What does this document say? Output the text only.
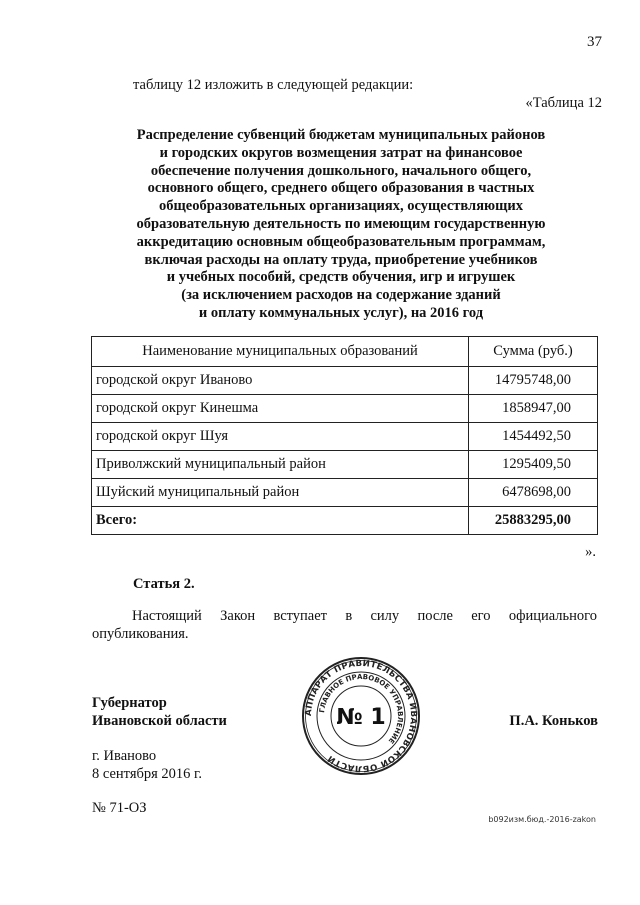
37
таблицу 12 изложить в следующей редакции:
«Таблица 12
Распределение субвенций бюджетам муниципальных районов
и городских округов возмещения затрат на финансовое
обеспечение получения дошкольного, начального общего,
основного общего, среднего общего образования в частных
общеобразовательных организациях, осуществляющих
образовательную деятельность по имеющим государственную
аккредитацию основным общеобразовательным программам,
включая расходы на оплату труда, приобретение учебников
и учебных пособий, средств обучения, игр и игрушек
(за исключением расходов на содержание зданий
и оплату коммунальных услуг), на 2016 год
Наименование муниципальных образований	Сумма (руб.)
городской округ Иваново	14795748,00
городской округ Кинешма	1858947,00
городской округ Шуя	1454492,50
Приволжский муниципальный район	1295409,50
Шуйский муниципальный район	6478698,00
Всего:	25883295,00
».
Статья 2.
Настоящий Закон вступает в силу после его официального
опубликования.
Губернатор
Ивановской области	П.А. Коньков
г. Иваново
8 сентября 2016 г.
№ 71-ОЗ
b092изм.бюд.-2016-zakon
АППАРАТ ПРАВИТЕЛЬСТВА ИВАНОВСКОЙ ОБЛАСТИ
ГЛАВНОЕ ПРАВОВОЕ УПРАВЛЕНИЕ
№ 1
